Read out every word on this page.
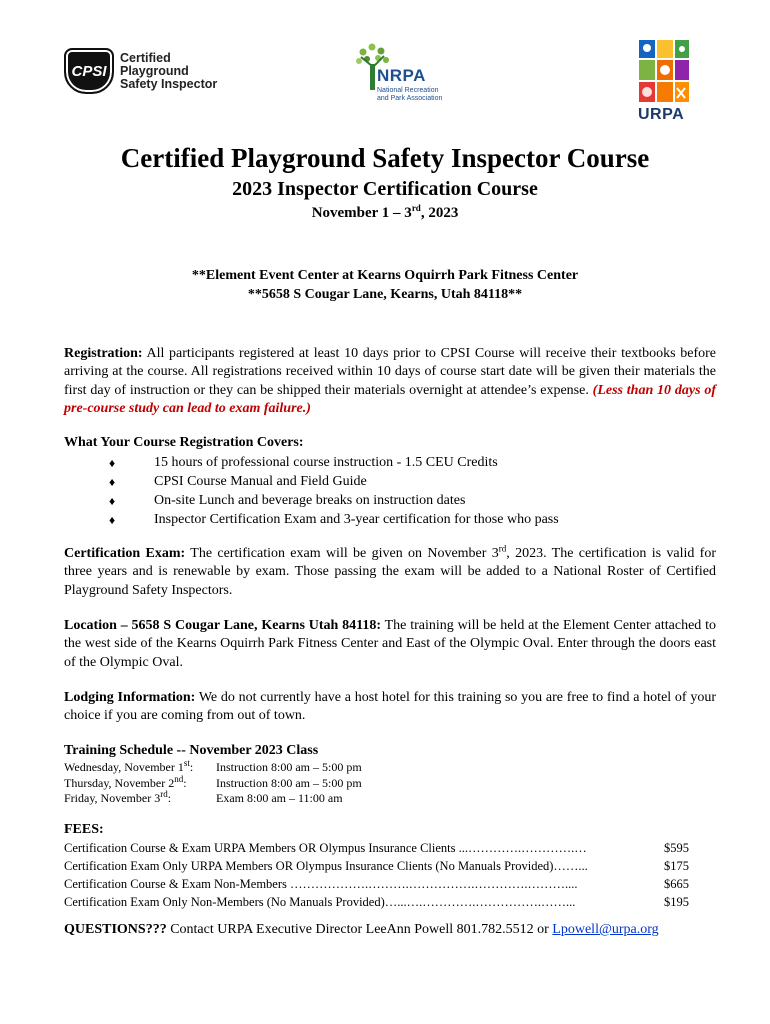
CPSI
Certified
Playground
Safety Inspector	NRPA
National Recreation
and Park Association
URPA
Certified Playground Safety Inspector Course
2023 Inspector Certification Course
November 1 – 3rd, 2023
**Element Event Center at Kearns Oquirrh Park Fitness Center
**5658 S Cougar Lane, Kearns, Utah 84118**

Registration: All participants registered at least 10 days prior to CPSI Course will receive their textbooks before arriving at the course. All registrations received within 10 days of course start date will be given their materials the first day of instruction or they can be shipped their materials overnight at attendee’s expense. (Less than 10 days of pre-course study can lead to exam failure.)

What Your Course Registration Covers:
♦	15 hours of professional course instruction - 1.5 CEU Credits
♦	CPSI Course Manual and Field Guide
♦	On-site Lunch and beverage breaks on instruction dates
♦	Inspector Certification Exam and 3-year certification for those who pass

Certification Exam: The certification exam will be given on November 3rd, 2023. The certification is valid for three years and is renewable by exam. Those passing the exam will be added to a National Roster of Certified Playground Safety Inspectors.

Location – 5658 S Cougar Lane, Kearns Utah 84118: The training will be held at the Element Center attached to the west side of the Kearns Oquirrh Park Fitness Center and East of the Olympic Oval. Enter through the doors east of the Olympic Oval.

Lodging Information: We do not currently have a host hotel for this training so you are free to find a hotel of your choice if you are coming from out of town.

Training Schedule -- November 2023 Class
Wednesday, November 1st:	Instruction 8:00 am – 5:00 pm
Thursday, November 2nd:	Instruction 8:00 am – 5:00 pm
Friday, November 3rd:	Exam 8:00 am – 11:00 am
FEES:
Certification Course & Exam URPA Members OR Olympus Insurance Clients ...………….………….…	$595
Certification Exam Only URPA Members OR Olympus Insurance Clients (No Manuals Provided)……...	$175
Certification Course & Exam Non-Members ……………….……….…………….………….………....	$665
Certification Exam Only Non-Members (No Manuals Provided)…...….………….…………….……...	$195
QUESTIONS??? Contact URPA Executive Director LeeAnn Powell 801.782.5512 or Lpowell@urpa.org
